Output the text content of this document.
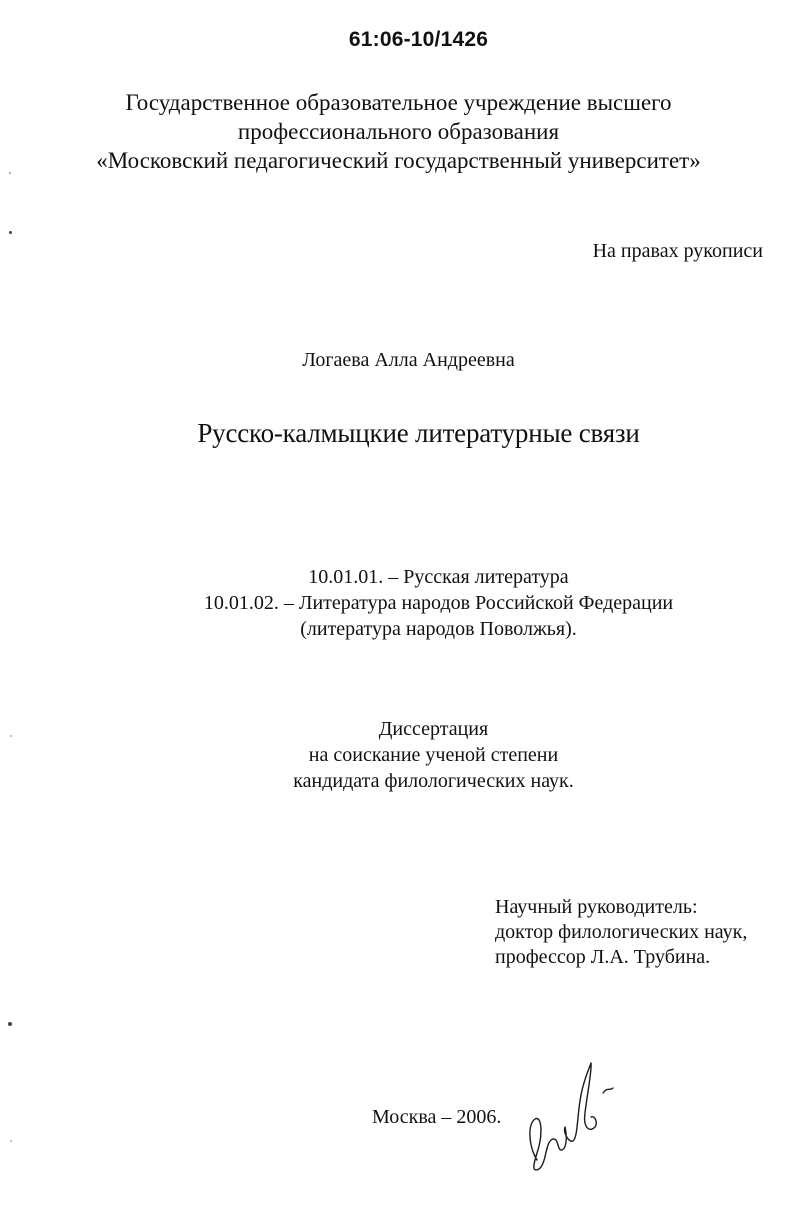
61:06-10/1426
Государственное образовательное учреждение высшего
профессионального образования
«Московский педагогический государственный университет»
На правах рукописи
Логаева Алла Андреевна
Русско-калмыцкие литературные связи
10.01.01. – Русская литература
10.01.02. – Литература народов Российской Федерации
(литература народов Поволжья).
Диссертация
на соискание ученой степени
кандидата филологических наук.
Научный руководитель:
доктор филологических наук,
профессор Л.А. Трубина.
Москва – 2006.
